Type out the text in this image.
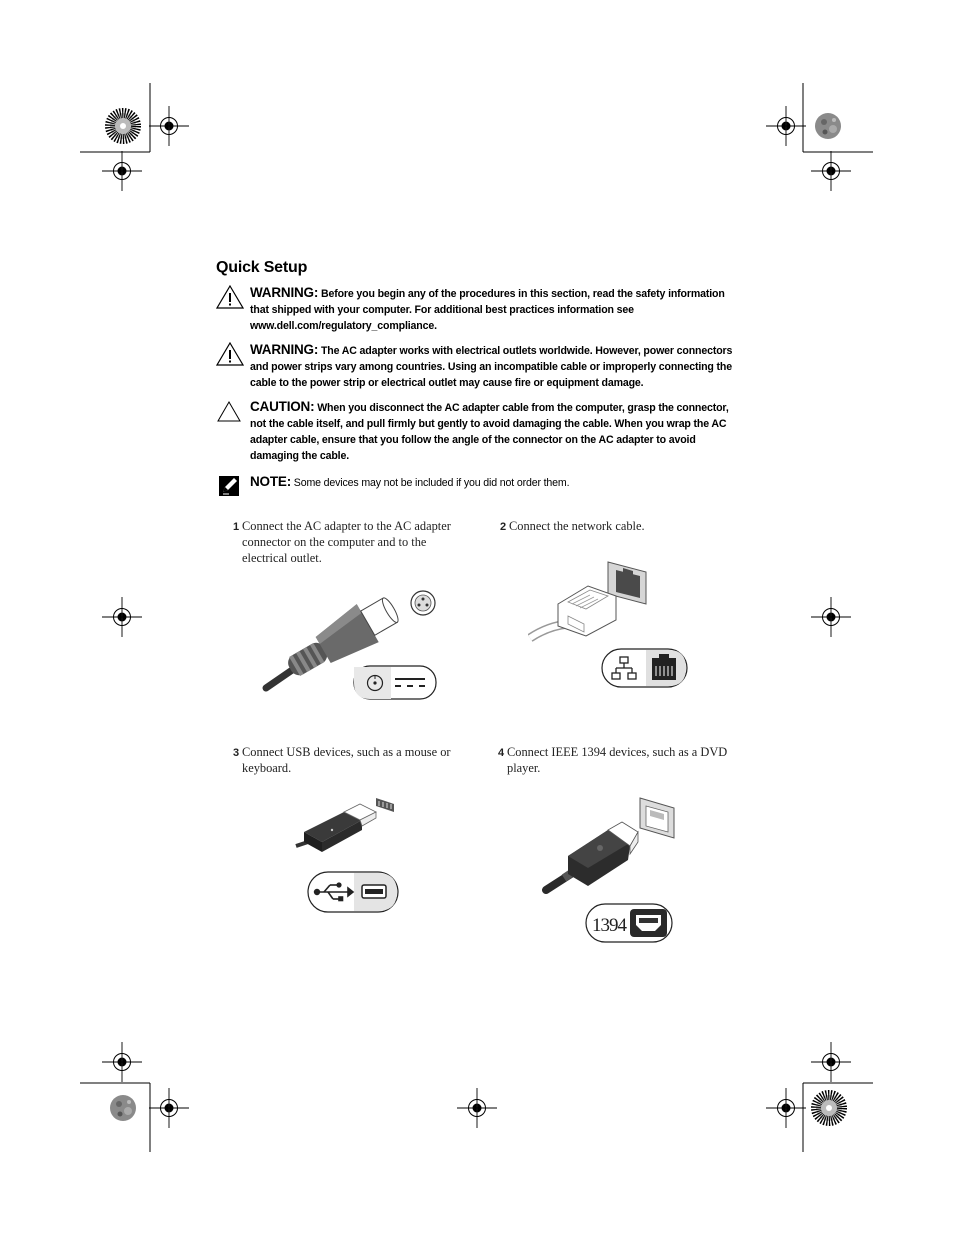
Quick Setup
WARNING: Before you begin any of the procedures in this section, read the safety information that shipped with your computer. For additional best practices information see www.dell.com/regulatory_compliance.
WARNING: The AC adapter works with electrical outlets worldwide. However, power connectors and power strips vary among countries. Using an incompatible cable or improperly connecting the cable to the power strip or electrical outlet may cause fire or equipment damage.
CAUTION: When you disconnect the AC adapter cable from the computer, grasp the connector, not the cable itself, and pull firmly but gently to avoid damaging the cable. When you wrap the AC adapter cable, ensure that you follow the angle of the connector on the AC adapter to avoid damaging the cable.
NOTE: Some devices may not be included if you did not order them.
1 Connect the AC adapter to the AC adapter connector on the computer and to the electrical outlet.
2 Connect the network cable.
3 Connect USB devices, such as a mouse or keyboard.
4 Connect IEEE 1394 devices, such as a DVD player.
1394
